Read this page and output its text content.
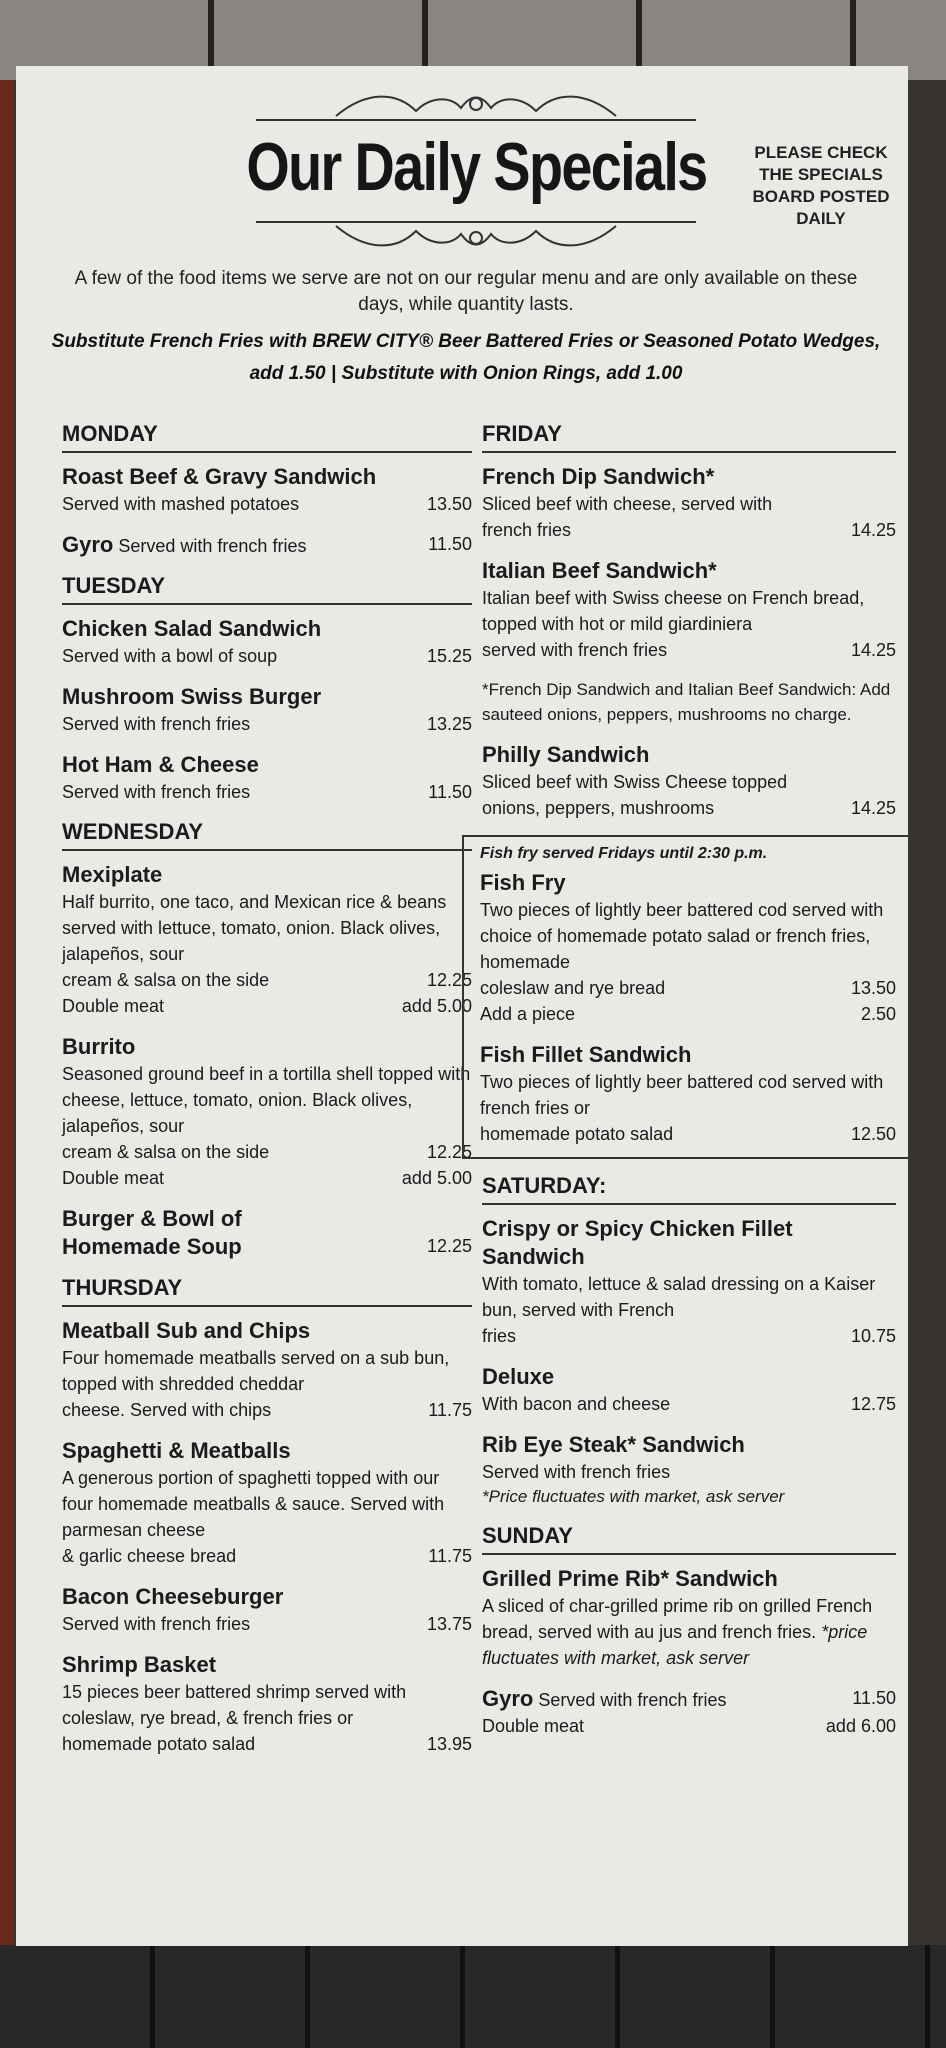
Our Daily Specials	PLEASE CHECK THE SPECIALS BOARD POSTED DAILY
A few of the food items we serve are not on our regular menu and are only available on these days, while quantity lasts.
Substitute French Fries with BREW CITY® Beer Battered Fries or Seasoned Potato Wedges, add 1.50 | Substitute with Onion Rings, add 1.00
MONDAY
Roast Beef & Gravy Sandwich
Served with mashed potatoes	13.50
Gyro Served with french fries	11.50
TUESDAY
Chicken Salad Sandwich
Served with a bowl of soup	15.25
Mushroom Swiss Burger
Served with french fries	13.25
Hot Ham & Cheese
Served with french fries	11.50
WEDNESDAY
Mexiplate
Half burrito, one taco, and Mexican rice & beans served with lettuce, tomato, onion. Black olives, jalapeños, sour
cream & salsa on the side	12.25
Double meat	add 5.00
Burrito
Seasoned ground beef in a tortilla shell topped with cheese, lettuce, tomato, onion. Black olives, jalapeños, sour
cream & salsa on the side	12.25
Double meat	add 5.00
Burger & Bowl of
Homemade Soup	12.25
THURSDAY
Meatball Sub and Chips
Four homemade meatballs served on a sub bun, topped with shredded cheddar
cheese. Served with chips	11.75
Spaghetti & Meatballs
A generous portion of spaghetti topped with our four homemade meatballs & sauce. Served with parmesan cheese
& garlic cheese bread	11.75
Bacon Cheeseburger
Served with french fries	13.75
Shrimp Basket
15 pieces beer battered shrimp served with coleslaw, rye bread, & french fries or
homemade potato salad	13.95
FRIDAY
French Dip Sandwich*
Sliced beef with cheese, served with
french fries	14.25
Italian Beef Sandwich*
Italian beef with Swiss cheese on French bread, topped with hot or mild giardiniera
served with french fries	14.25
*French Dip Sandwich and Italian Beef Sandwich: Add sauteed onions, peppers, mushrooms no charge.
Philly Sandwich
Sliced beef with Swiss Cheese topped
onions, peppers, mushrooms	14.25
Fish fry served Fridays until 2:30 p.m.
Fish Fry
Two pieces of lightly beer battered cod served with choice of homemade potato salad or french fries, homemade
coleslaw and rye bread	13.50
Add a piece	2.50
Fish Fillet Sandwich
Two pieces of lightly beer battered cod served with french fries or
homemade potato salad	12.50
SATURDAY:
Crispy or Spicy Chicken Fillet Sandwich
With tomato, lettuce & salad dressing on a Kaiser bun, served with French
fries	10.75
Deluxe
With bacon and cheese	12.75
Rib Eye Steak* Sandwich
Served with french fries
*Price fluctuates with market, ask server
SUNDAY
Grilled Prime Rib* Sandwich
A sliced of char-grilled prime rib on grilled French bread, served with au jus and french fries. *price fluctuates with market, ask server
Gyro Served with french fries	11.50
Double meat	add 6.00
